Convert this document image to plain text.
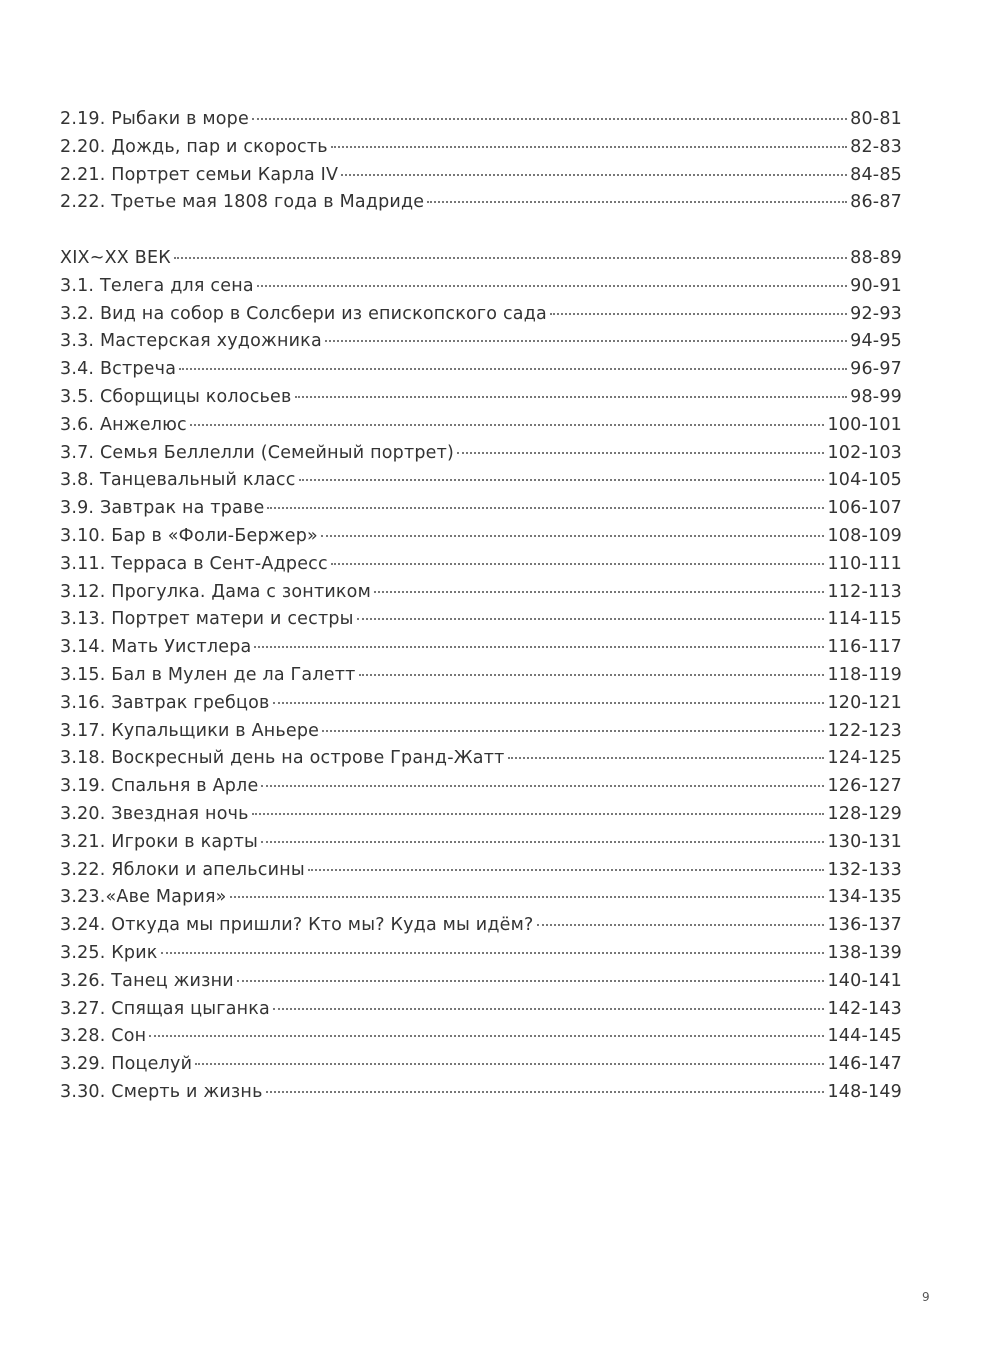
2.19. Рыбаки в море	80-81
2.20. Дождь, пар и скорость	82-83
2.21. Портрет семьи Карла IV	84-85
2.22. Третье мая 1808 года в Мадриде	86-87
XIX~XX ВЕК	88-89
3.1. Телега для сена	90-91
3.2. Вид на собор в Солсбери из епископского сада	92-93
3.3. Мастерская художника	94-95
3.4. Встреча	96-97
3.5. Сборщицы колосьев	98-99
3.6. Анжелюс	100-101
3.7. Семья Беллелли (Семейный портрет)	102-103
3.8. Танцевальный класс	104-105
3.9. Завтрак на траве	106-107
3.10. Бар в «Фоли-Бержер»	108-109
3.11. Терраса в Сент-Адресс	110-111
3.12. Прогулка. Дама с зонтиком	112-113
3.13. Портрет матери и сестры	114-115
3.14. Мать Уистлера	116-117
3.15. Бал в Мулен де ла Галетт	118-119
3.16. Завтрак гребцов	120-121
3.17. Купальщики в Аньере	122-123
3.18. Воскресный день на острове Гранд-Жатт	124-125
3.19. Спальня в Арле	126-127
3.20. Звездная ночь	128-129
3.21. Игроки в карты	130-131
3.22. Яблоки и апельсины	132-133
3.23.«Аве Мария»	134-135
3.24. Откуда мы пришли? Кто мы? Куда мы идём?	136-137
3.25. Крик	138-139
3.26. Танец жизни	140-141
3.27. Спящая цыганка	142-143
3.28. Сон	144-145
3.29. Поцелуй	146-147
3.30. Смерть и жизнь	148-149
9
